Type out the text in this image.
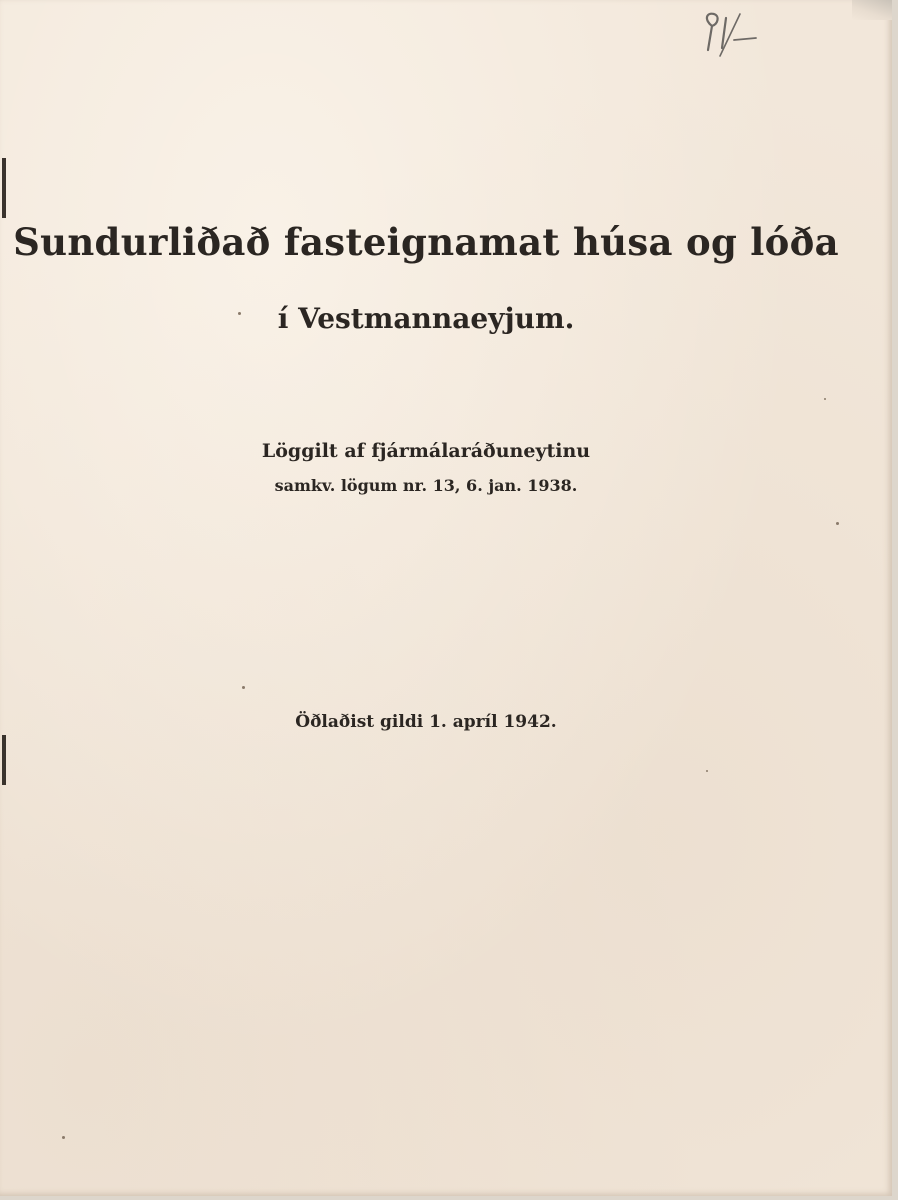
Sundurliðað fasteignamat húsa og lóða
í Vestmannaeyjum.
Löggilt af fjármálaráðuneytinu
samkv. lögum nr. 13, 6. jan. 1938.
Öðlaðist gildi 1. apríl 1942.
